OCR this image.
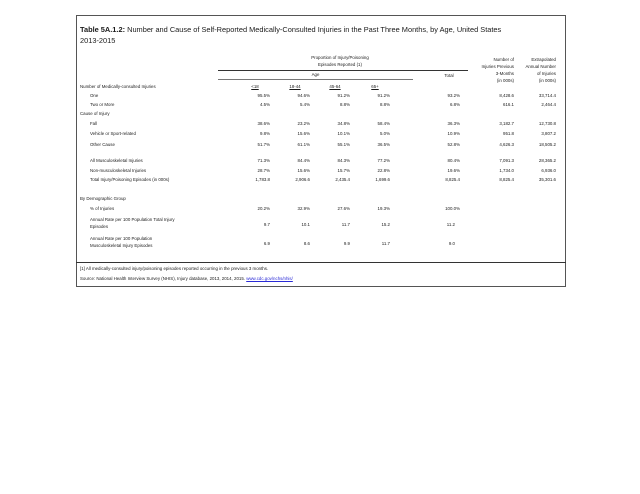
Table 5A.1.2: Number and Cause of Self-Reported Medically-Consulted Injuries in the Past Three Months, by Age, United States
2013-2015
Proportion of Injury/Poisoning
Episodes Reported (1)
Age	Total
Number of
Injuries Previous
3-Months
(in 000s)
Extrapolated
Annual Number
of Injuries
(in 000s)
Number of Medically-consulted Injuries	<18	18-44	45-64	65+
One	95.5%	94.6%	91.2%	91.2%	93.2%	8,428.6	33,714.4
Two or More	4.5%	5.4%	8.8%	8.8%	6.8%	616.1	2,464.4
Cause of Injury
Fall	38.6%	23.2%	34.8%	58.4%	36.3%	3,182.7	12,730.8
Vehicle or Sport-related	9.8%	15.6%	10.1%	5.0%	10.9%	951.8	3,807.2
Other Cause	51.7%	61.1%	55.1%	36.5%	52.8%	4,626.3	18,505.2
All Musculoskeletal Injuries	71.3%	84.4%	84.3%	77.2%	80.4%	7,091.3	28,365.2
Non-musculoskeletal Injuries	28.7%	15.6%	15.7%	22.8%	19.6%	1,734.0	6,936.0
Total Injury/Poisoning Episodes (in 000s)	1,783.8	2,906.6	2,435.4	1,699.6	8,825.4	8,825.4	35,301.6
By Demographic Group
% of Injuries	20.2%	32.9%	27.6%	19.3%	100.0%
Annual Rate per 100 Population Total Injury
Episodes	9.7	10.1	11.7	15.2	11.2
Annual Rate per 100 Population
Musculoskeletal Injury Episodes	6.9	8.6	9.9	11.7	9.0
[1] All medically-consulted injury/poisoning episodes reported occurring in the previous 3 months.
Source: National Health Interview Survey (NHIS), Injury database, 2013, 2014, 2015. www.cdc.gov/nchs/nhis/
